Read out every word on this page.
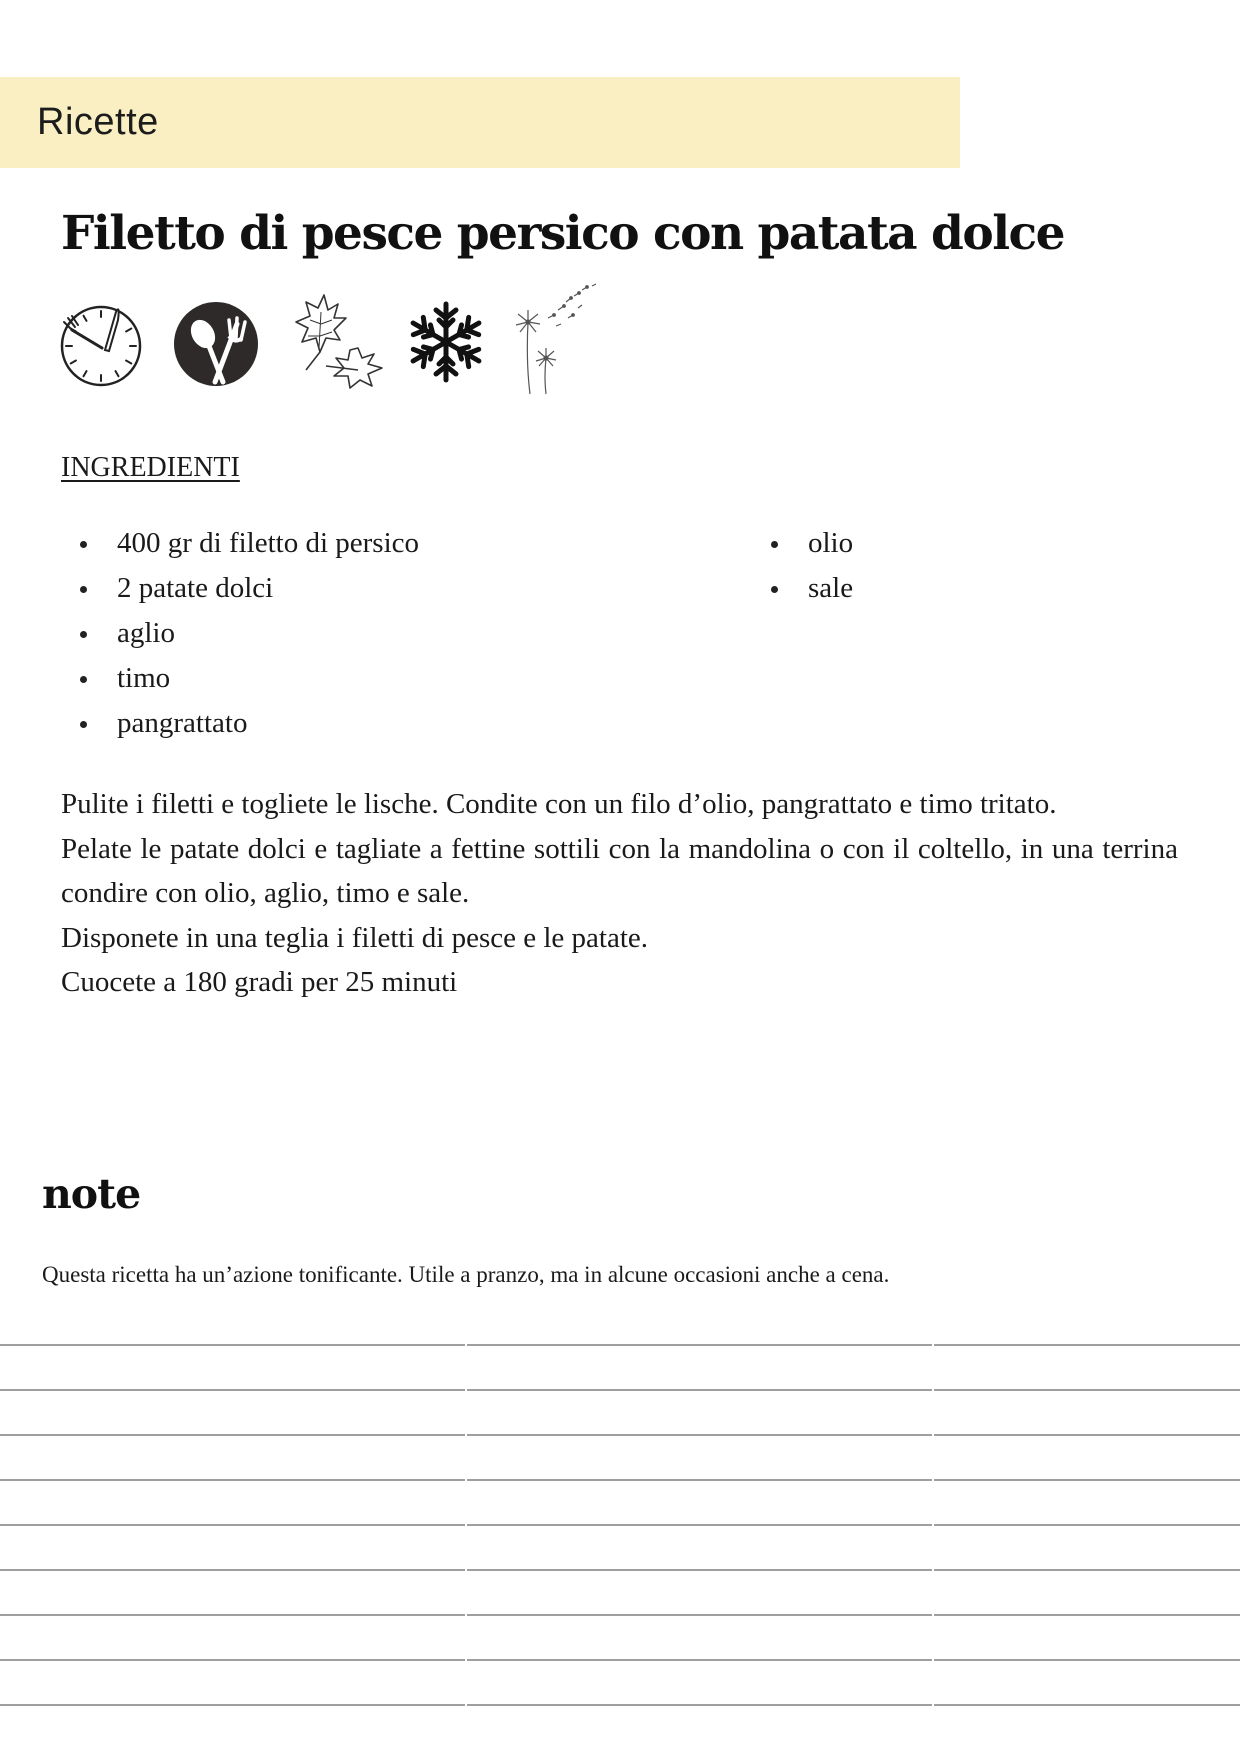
Ricette
Filetto di pesce persico con patata dolce
INGREDIENTI
400 gr di filetto di persico
2 patate dolci
aglio
timo
pangrattato
olio
sale

Pulite i filetti e togliete le lische. Condite con un filo d’olio, pangrattato e timo tritato.

Pelate le patate dolci e tagliate a fettine sottili con la mandolina o con il coltello, in una terrina condire con olio, aglio, timo e sale.

Disponete in una teglia i filetti di pesce e le patate.

Cuocete a 180 gradi per 25 minuti

note
Questa ricetta ha un’azione tonificante. Utile a pranzo, ma in alcune occasioni anche a cena.
